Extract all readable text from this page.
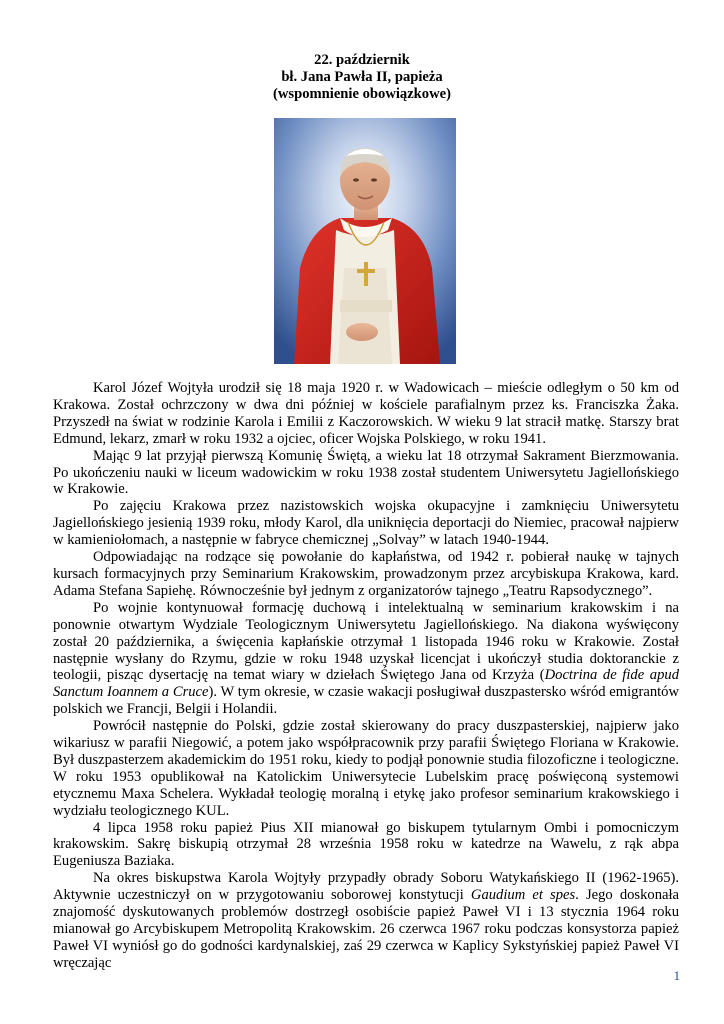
22. październik
bł. Jana Pawła II, papieża
(wspomnienie obowiązkowe)

Karol Józef Wojtyła urodził się 18 maja 1920 r. w Wadowicach – mieście odległym o 50 km od Krakowa. Został ochrzczony w dwa dni później w kościele parafialnym przez ks. Franciszka Żaka. Przyszedł na świat w rodzinie Karola i Emilii z Kaczorowskich. W wieku 9 lat stracił matkę. Starszy brat Edmund, lekarz, zmarł w roku 1932 a ojciec, oficer Wojska Polskiego, w roku 1941.

Mając 9 lat przyjął pierwszą Komunię Świętą, a wieku lat 18 otrzymał Sakrament Bierzmowania. Po ukończeniu nauki w liceum wadowickim w roku 1938 został studentem Uniwersytetu Jagiellońskiego w Krakowie.

Po zajęciu Krakowa przez nazistowskich wojska okupacyjne i zamknięciu Uniwersytetu Jagiellońskiego jesienią 1939 roku, młody Karol, dla uniknięcia deportacji do Niemiec, pracował najpierw w kamieniołomach, a następnie w fabryce chemicznej „Solvay” w latach 1940-1944.

Odpowiadając na rodzące się powołanie do kapłaństwa, od 1942 r. pobierał naukę w tajnych kursach formacyjnych przy Seminarium Krakowskim, prowadzonym przez arcybiskupa Krakowa, kard. Adama Stefana Sapiehę. Równocześnie był jednym z organizatorów tajnego „Teatru Rapsodycznego”.

Po wojnie kontynuował formację duchową i intelektualną w seminarium krakowskim i na ponownie otwartym Wydziale Teologicznym Uniwersytetu Jagiellońskiego. Na diakona wyświęcony został 20 października, a święcenia kapłańskie otrzymał 1 listopada 1946 roku w Krakowie. Został następnie wysłany do Rzymu, gdzie w roku 1948 uzyskał licencjat i ukończył studia doktoranckie z teologii, pisząc dysertację na temat wiary w dziełach Świętego Jana od Krzyża (Doctrina de fide apud Sanctum Ioannem a Cruce). W tym okresie, w czasie wakacji posługiwał duszpastersko wśród emigrantów polskich we Francji, Belgii i Holandii.

Powrócił następnie do Polski, gdzie został skierowany do pracy duszpasterskiej, najpierw jako wikariusz w parafii Niegowić, a potem jako współpracownik przy parafii Świętego Floriana w Krakowie. Był duszpasterzem akademickim do 1951 roku, kiedy to podjął ponownie studia filozoficzne i teologiczne. W roku 1953 opublikował na Katolickim Uniwersytecie Lubelskim pracę poświęconą systemowi etycznemu Maxa Schelera. Wykładał teologię moralną i etykę jako profesor seminarium krakowskiego i wydziału teologicznego KUL.

4 lipca 1958 roku papież Pius XII mianował go biskupem tytularnym Ombi i pomocniczym krakowskim. Sakrę biskupią otrzymał 28 września 1958 roku w katedrze na Wawelu, z rąk abpa Eugeniusza Baziaka.

Na okres biskupstwa Karola Wojtyły przypadły obrady Soboru Watykańskiego II (1962-1965). Aktywnie uczestniczył on w przygotowaniu soborowej konstytucji Gaudium et spes. Jego doskonała znajomość dyskutowanych problemów dostrzegł osobiście papież Paweł VI i 13 stycznia 1964 roku mianował go Arcybiskupem Metropolitą Krakowskim. 26 czerwca 1967 roku podczas konsystorza papież Paweł VI wyniósł go do godności kardynalskiej, zaś 29 czerwca w Kaplicy Sykstyńskiej papież Paweł VI wręczając

1
